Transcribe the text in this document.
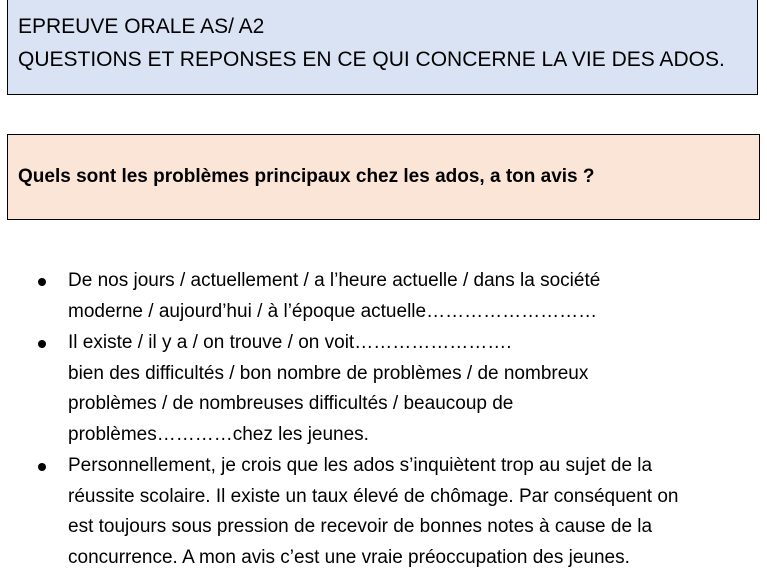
EPREUVE ORALE AS/ A2
QUESTIONS ET REPONSES EN CE QUI CONCERNE LA VIE DES ADOS.
Quels sont les problèmes principaux chez les ados, a ton avis ?
De nos jours / actuellement / a l’heure actuelle / dans la société
moderne / aujourd’hui / à l’époque actuelle………………………
Il existe / il y a / on trouve / on voit…………………….
bien des difficultés / bon nombre de problèmes / de nombreux
problèmes / de nombreuses difficultés / beaucoup de
problèmes…………chez les jeunes.
Personnellement, je crois que les ados s’inquiètent trop au sujet de la
réussite scolaire. Il existe un taux élevé de chômage. Par conséquent on
est toujours sous pression de recevoir de bonnes notes à cause de la
concurrence. A mon avis c’est une vraie préoccupation des jeunes.
